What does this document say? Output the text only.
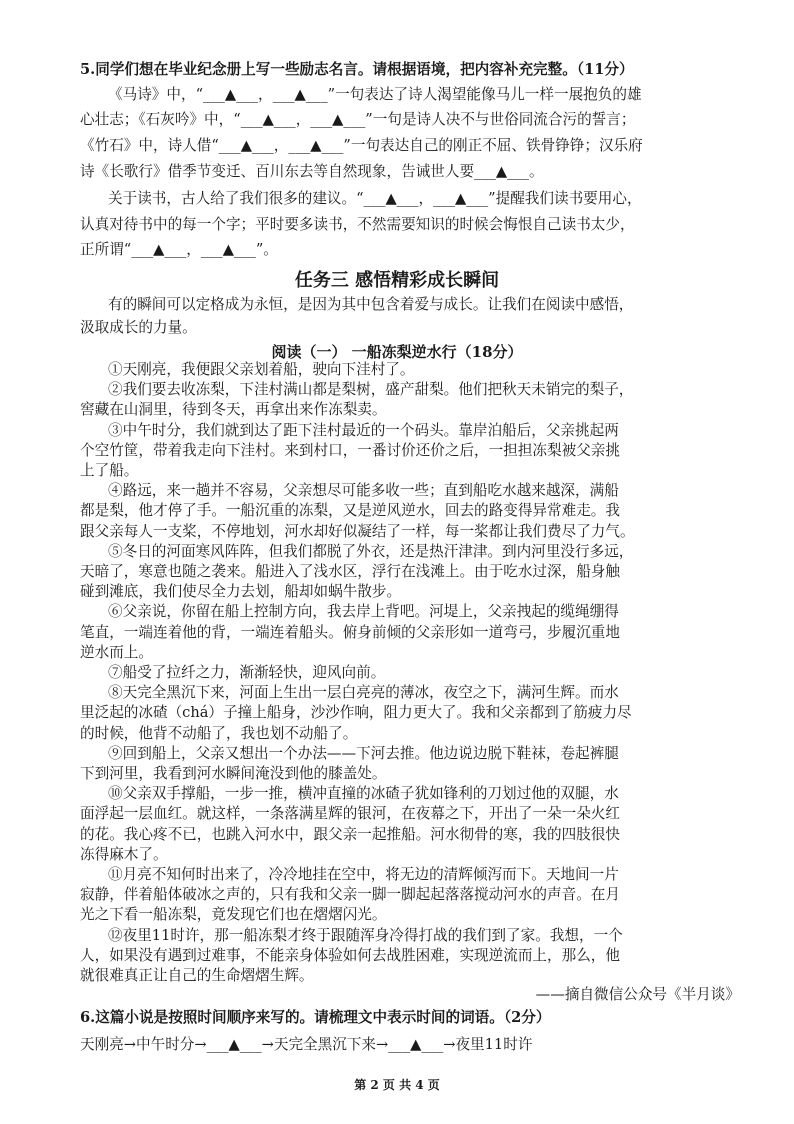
5.同学们想在毕业纪念册上写一些励志名言。请根据语境，把内容补充完整。（11分）
《马诗》中，“___▲___，___▲___”一句表达了诗人渴望能像马儿一样一展抱负的雄
心壮志；《石灰吟》中，“___▲___，___▲___”一句是诗人决不与世俗同流合污的誓言；
《竹石》中，诗人借“___▲___，___▲___”一句表达自己的刚正不屈、铁骨铮铮；汉乐府
诗《长歌行》借季节变迁、百川东去等自然现象，告诫世人要___▲___。
关于读书，古人给了我们很多的建议。“___▲___，___▲___”提醒我们读书要用心，
认真对待书中的每一个字；平时要多读书，不然需要知识的时候会悔恨自己读书太少，
正所谓“___▲___，___▲___”。
任务三 感悟精彩成长瞬间
有的瞬间可以定格成为永恒，是因为其中包含着爱与成长。让我们在阅读中感悟，
汲取成长的力量。
阅读（一） 一船冻梨逆水行（18分）
①天刚亮，我便跟父亲划着船，驶向下洼村了。
②我们要去收冻梨，下洼村满山都是梨树，盛产甜梨。他们把秋天未销完的梨子，
窖藏在山洞里，待到冬天，再拿出来作冻梨卖。
③中午时分，我们就到达了距下洼村最近的一个码头。靠岸泊船后，父亲挑起两
个空竹筐，带着我走向下洼村。来到村口，一番讨价还价之后，一担担冻梨被父亲挑
上了船。
④路远，来一趟并不容易，父亲想尽可能多收一些；直到船吃水越来越深，满船
都是梨，他才停了手。一船沉重的冻梨，又是逆风逆水，回去的路变得异常难走。我
跟父亲每人一支桨，不停地划，河水却好似凝结了一样，每一桨都让我们费尽了力气。
⑤冬日的河面寒风阵阵，但我们都脱了外衣，还是热汗津津。到内河里没行多远，
天暗了，寒意也随之袭来。船进入了浅水区，浮行在浅滩上。由于吃水过深，船身触
碰到滩底，我们使尽全力去划，船却如蜗牛散步。
⑥父亲说，你留在船上控制方向，我去岸上背吧。河堤上，父亲拽起的缆绳绷得
笔直，一端连着他的背，一端连着船头。俯身前倾的父亲形如一道弯弓，步履沉重地
逆水而上。
⑦船受了拉纤之力，渐渐轻快，迎风向前。
⑧天完全黑沉下来，河面上生出一层白亮亮的薄冰，夜空之下，满河生辉。而水
里泛起的冰碴（chá）子撞上船身，沙沙作响，阻力更大了。我和父亲都到了筋疲力尽
的时候，他背不动船了，我也划不动船了。
⑨回到船上，父亲又想出一个办法——下河去推。他边说边脱下鞋袜，卷起裤腿
下到河里，我看到河水瞬间淹没到他的膝盖处。
⑩父亲双手撑船，一步一推，横冲直撞的冰碴子犹如锋利的刀划过他的双腿，水
面浮起一层血红。就这样，一条落满星辉的银河，在夜幕之下，开出了一朵一朵火红
的花。我心疼不已，也跳入河水中，跟父亲一起推船。河水彻骨的寒，我的四肢很快
冻得麻木了。
⑪月亮不知何时出来了，冷冷地挂在空中，将无边的清辉倾泻而下。天地间一片
寂静，伴着船体破冰之声的，只有我和父亲一脚一脚起起落落搅动河水的声音。在月
光之下看一船冻梨，竟发现它们也在熠熠闪光。
⑫夜里11时许，那一船冻梨才终于跟随浑身冷得打战的我们到了家。我想，一个
人，如果没有遇到过难事，不能亲身体验如何去战胜困难，实现逆流而上，那么，他
就很难真正让自己的生命熠熠生辉。
——摘自微信公众号《半月谈》
6.这篇小说是按照时间顺序来写的。请梳理文中表示时间的词语。（2分）
天刚亮→中午时分→___▲___→天完全黑沉下来→___▲___→夜里11时许
第 2 页 共 4 页
